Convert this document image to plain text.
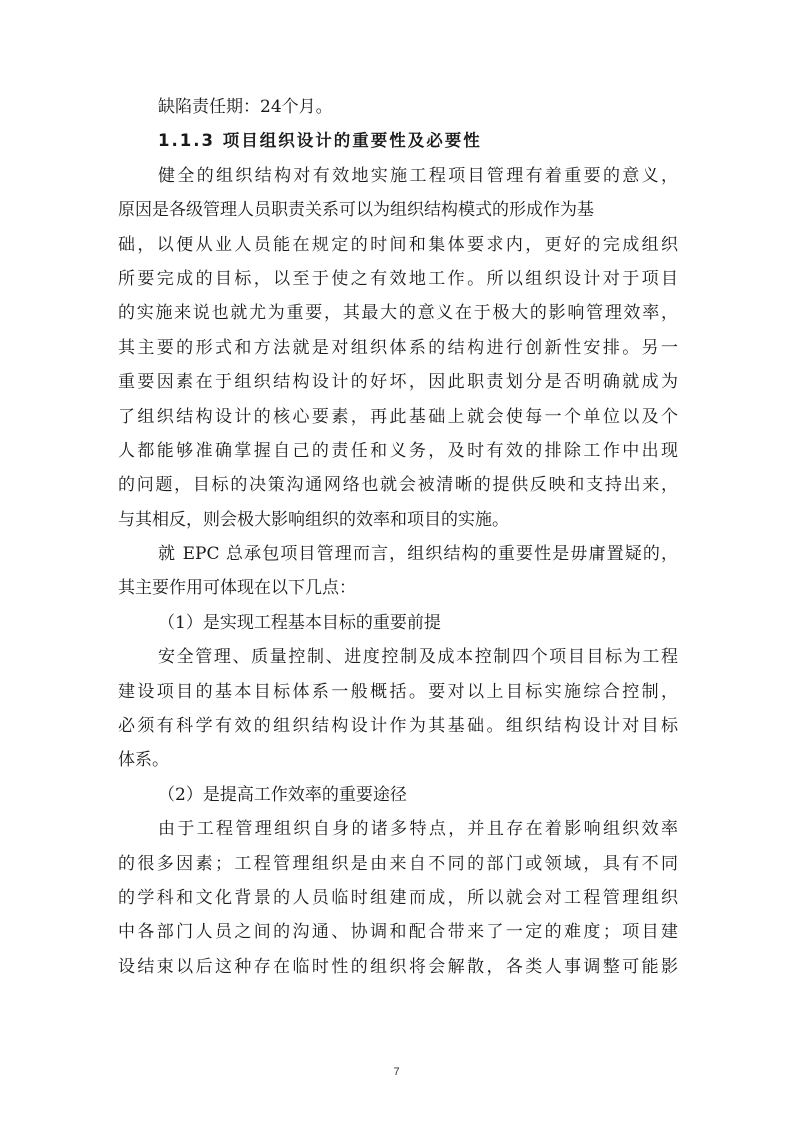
缺陷责任期：24个月。
1.1.3 项目组织设计的重要性及必要性
健全的组织结构对有效地实施工程项目管理有着重要的意义，
原因是各级管理人员职责关系可以为组织结构模式的形成作为基
础，以便从业人员能在规定的时间和集体要求内，更好的完成组织
所要完成的目标，以至于使之有效地工作。所以组织设计对于项目
的实施来说也就尤为重要，其最大的意义在于极大的影响管理效率，
其主要的形式和方法就是对组织体系的结构进行创新性安排。另一
重要因素在于组织结构设计的好坏，因此职责划分是否明确就成为
了组织结构设计的核心要素，再此基础上就会使每一个单位以及个
人都能够准确掌握自己的责任和义务，及时有效的排除工作中出现
的问题，目标的决策沟通网络也就会被清晰的提供反映和支持出来，
与其相反，则会极大影响组织的效率和项目的实施。
就 EPC 总承包项目管理而言，组织结构的重要性是毋庸置疑的，
其主要作用可体现在以下几点：
（1）是实现工程基本目标的重要前提
安全管理、质量控制、进度控制及成本控制四个项目目标为工程
建设项目的基本目标体系一般概括。要对以上目标实施综合控制，
必须有科学有效的组织结构设计作为其基础。组织结构设计对目标
体系。
（2）是提高工作效率的重要途径
由于工程管理组织自身的诸多特点，并且存在着影响组织效率
的很多因素；工程管理组织是由来自不同的部门或领域，具有不同
的学科和文化背景的人员临时组建而成，所以就会对工程管理组织
中各部门人员之间的沟通、协调和配合带来了一定的难度；项目建
设结束以后这种存在临时性的组织将会解散，各类人事调整可能影
7
